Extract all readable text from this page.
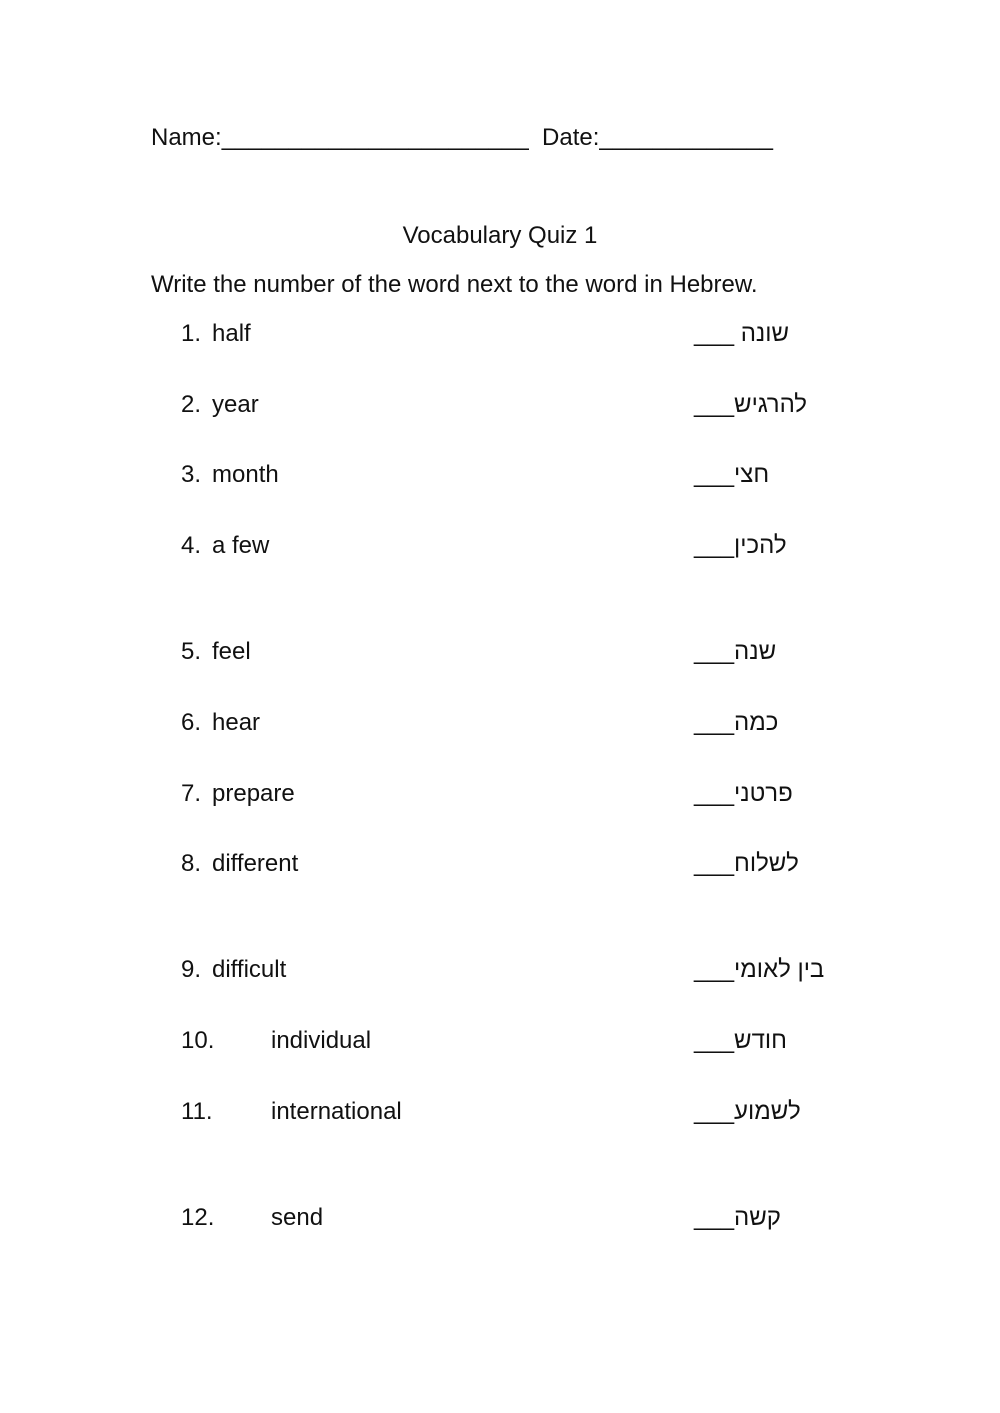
Name:_______________________ Date:_____________
Vocabulary Quiz 1
Write the number of the word next to the word in Hebrew.
1. half	___ שונה
2. year	___להרגיש
3. month	___חצי
4. a few	___להכין
5. feel	___שנה
6. hear	___כמה
7. prepare	___פרטני
8. different	___לשלוח
9. difficult	___בין לאומי
10. individual	___חודש
11. international	___לשמוע
12. send	___קשה
